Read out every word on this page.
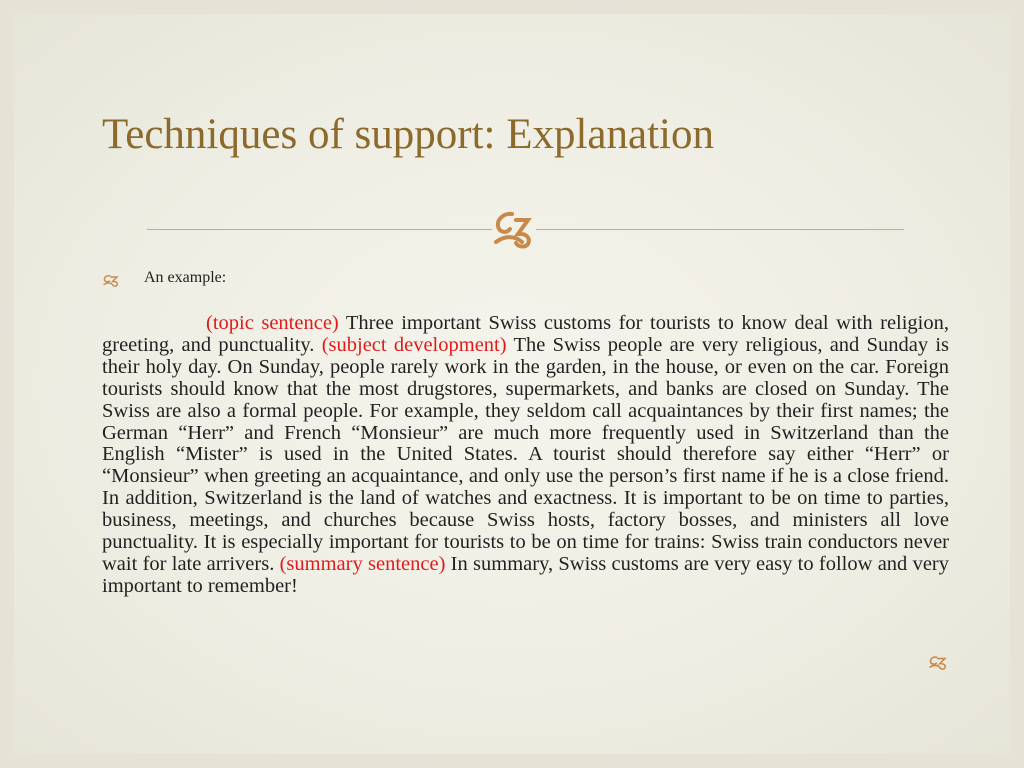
Techniques of support: Explanation
An example:

(topic sentence) Three important Swiss customs for tourists to know deal with religion, greeting, and punctuality. (subject development) The Swiss people are very religious, and Sunday is their holy day. On Sunday, people rarely work in the garden, in the house, or even on the car. Foreign tourists should know that the most drugstores, supermarkets, and banks are closed on Sunday. The Swiss are also a formal people. For example, they seldom call acquaintances by their first names; the German “Herr” and French “Monsieur” are much more frequently used in Switzerland than the English “Mister” is used in the United States. A tourist should therefore say either “Herr” or “Monsieur” when greeting an acquaintance, and only use the person’s first name if he is a close friend. In addition, Switzerland is the land of watches and exactness. It is important to be on time to parties, business, meetings, and churches because Swiss hosts, factory bosses, and ministers all love punctuality. It is especially important for tourists to be on time for trains: Swiss train conductors never wait for late arrivers. (summary sentence) In summary, Swiss customs are very easy to follow and very important to remember!
